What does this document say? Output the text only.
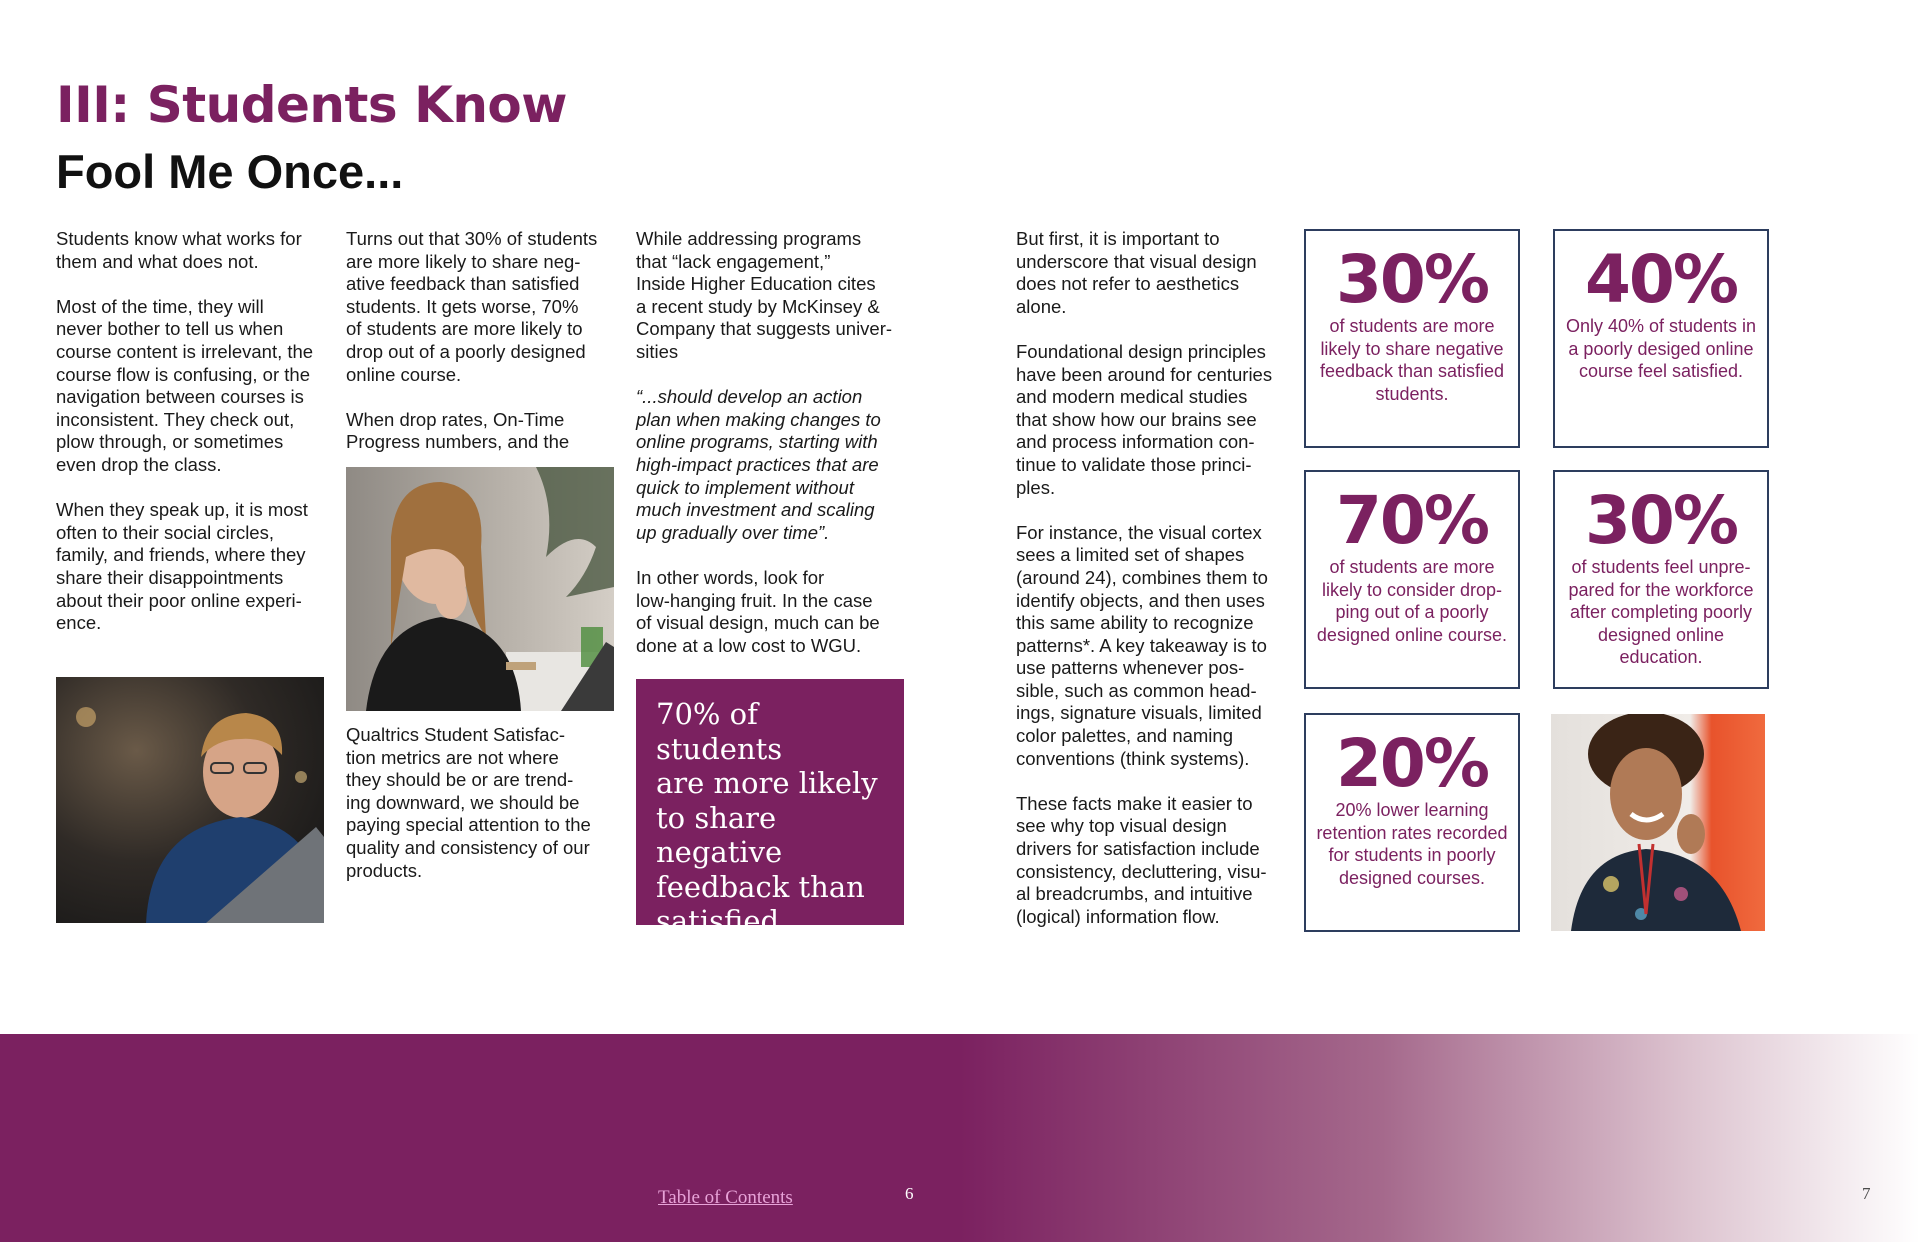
III: Students Know
Fool Me Once...

Students know what works for
them and what does not.

Most of the time, they will
never bother to tell us when
course content is irrelevant, the
course flow is confusing, or the
navigation between courses is
inconsistent. They check out,
plow through, or sometimes
even drop the class.

When they speak up, it is most
often to their social circles,
family, and friends, where they
share their disappointments
about their poor online experi-
ence.

Turns out that 30% of students
are more likely to share neg-
ative feedback than satisfied
students. It gets worse, 70%
of students are more likely to
drop out of a poorly designed
online course.

When drop rates, On-Time
Progress numbers, and the

Qualtrics Student Satisfac-
tion metrics are not where
they should be or are trend-
ing downward, we should be
paying special attention to the
quality and consistency of our
products.

While addressing programs
that “lack engagement,”
Inside Higher Education cites
a recent study by McKinsey &
Company that suggests univer-
sities

“...should develop an action
plan when making changes to
online programs, starting with
high-impact practices that are
quick to implement without
much investment and scaling
up gradually over time”.

In other words, look for
low-hanging fruit. In the case
of visual design, much can be
done at a low cost to WGU.

70% of students
are more likely
to share negative
feedback than
satisfied students.

But first, it is important to
underscore that visual design
does not refer to aesthetics
alone.

Foundational design principles
have been around for centuries
and modern medical studies
that show how our brains see
and process information con-
tinue to validate those princi-
ples.

For instance, the visual cortex
sees a limited set of shapes
(around 24), combines them to
identify objects, and then uses
this same ability to recognize
patterns*. A key takeaway is to
use patterns whenever pos-
sible, such as common head-
ings, signature visuals, limited
color palettes, and naming
conventions (think systems).

These facts make it easier to
see why top visual design
drivers for satisfaction include
consistency, decluttering, visu-
al breadcrumbs, and intuitive
(logical) information flow.

30%
of students are more
likely to share negative
feedback than satisfied
students.
40%
Only 40% of students in
a poorly desiged online
course feel satisfied.
70%
of students are more
likely to consider drop-
ping out of a poorly
designed online course.
30%
of students feel unpre-
pared for the workforce
after completing poorly
designed online
education.
20%
20% lower learning
retention rates recorded
for students in poorly
designed courses.
Table of Contents	6	7
